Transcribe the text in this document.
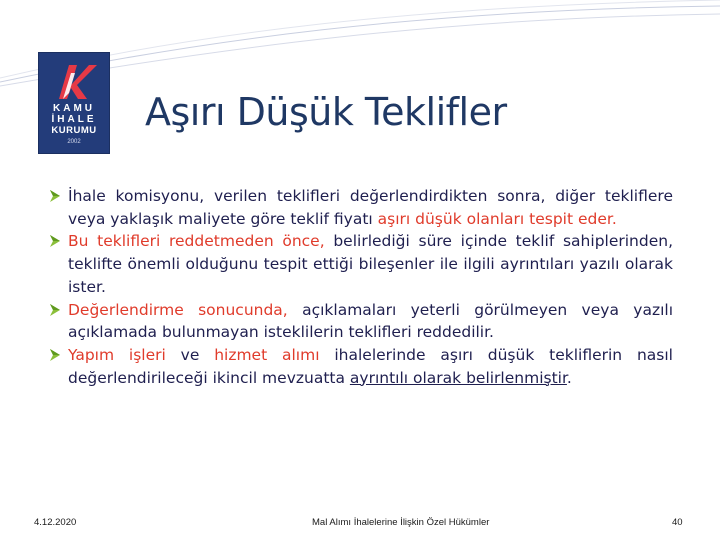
KAMU
İHALE
KURUMU
2002
Aşırı Düşük Teklifler
İhale komisyonu, verilen teklifleri değerlendirdikten sonra, diğer tekliflere veya yaklaşık maliyete göre teklif fiyatı aşırı düşük olanları tespit eder.
Bu teklifleri reddetmeden önce, belirlediği süre içinde teklif sahiplerinden, teklifte önemli olduğunu tespit ettiği bileşenler ile ilgili ayrıntıları yazılı olarak ister.
Değerlendirme sonucunda, açıklamaları yeterli görülmeyen veya yazılı açıklamada bulunmayan isteklilerin teklifleri reddedilir.
Yapım işleri ve hizmet alımı ihalelerinde aşırı düşük tekliflerin nasıl değerlendirileceği ikincil mevzuatta ayrıntılı olarak belirlenmiştir.
4.12.2020	Mal Alımı İhalelerine İlişkin Özel Hükümler	40
